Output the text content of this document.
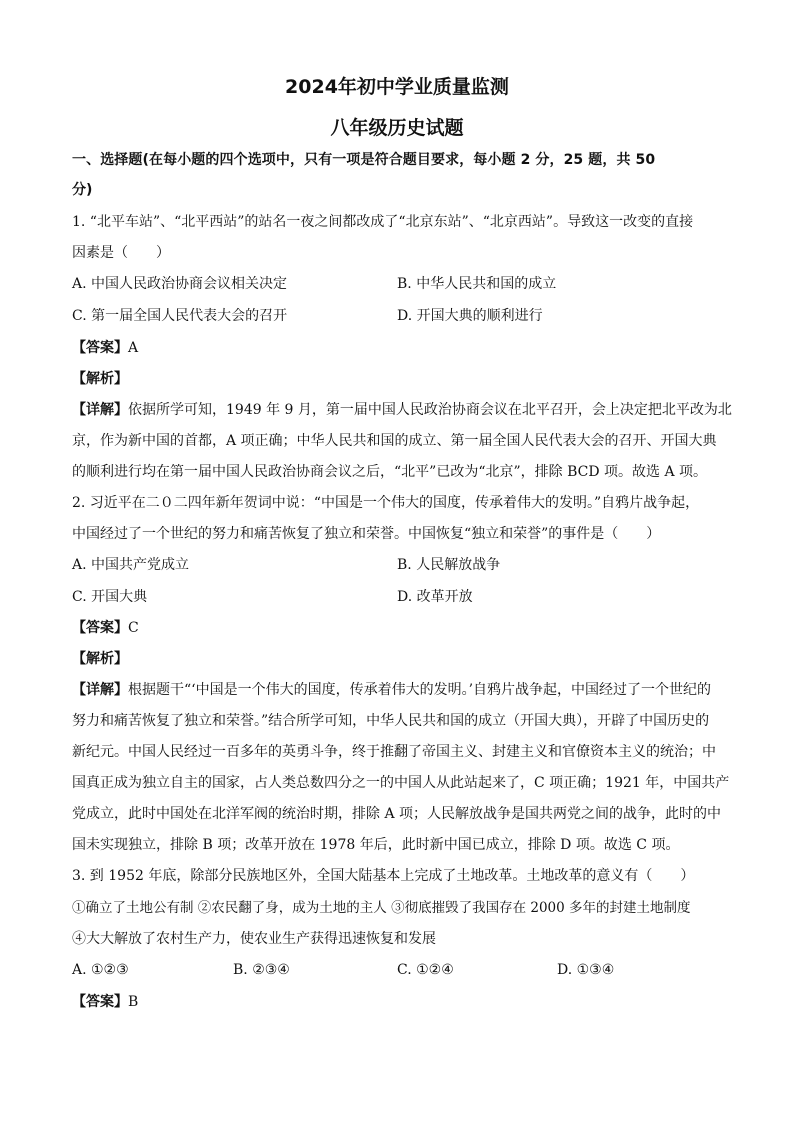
2024年初中学业质量监测
八年级历史试题
一、选择题(在每小题的四个选项中，只有一项是符合题目要求，每小题 2 分，25 题，共 50
分)
1. “北平车站”、“北平西站”的站名一夜之间都改成了“北京东站”、“北京西站”。导致这一改变的直接
因素是（　　）
A. 中国人民政治协商会议相关决定	B. 中华人民共和国的成立
C. 第一届全国人民代表大会的召开	D. 开国大典的顺利进行
【答案】A
【解析】
【详解】依据所学可知，1949 年 9 月，第一届中国人民政治协商会议在北平召开，会上决定把北平改为北
京，作为新中国的首都，A 项正确；中华人民共和国的成立、第一届全国人民代表大会的召开、开国大典
的顺利进行均在第一届中国人民政治协商会议之后，“北平”已改为“北京”，排除 BCD 项。故选 A 项。
2. 习近平在二０二四年新年贺词中说：“中国是一个伟大的国度，传承着伟大的发明。”自鸦片战争起，
中国经过了一个世纪的努力和痛苦恢复了独立和荣誉。中国恢复“独立和荣誉”的事件是（　　）
A. 中国共产党成立	B. 人民解放战争
C. 开国大典	D. 改革开放
【答案】C
【解析】
【详解】根据题干“‘中国是一个伟大的国度，传承着伟大的发明。’自鸦片战争起，中国经过了一个世纪的
努力和痛苦恢复了独立和荣誉。”结合所学可知，中华人民共和国的成立（开国大典），开辟了中国历史的
新纪元。中国人民经过一百多年的英勇斗争，终于推翻了帝国主义、封建主义和官僚资本主义的统治；中
国真正成为独立自主的国家，占人类总数四分之一的中国人从此站起来了，C 项正确；1921 年，中国共产
党成立，此时中国处在北洋军阀的统治时期，排除 A 项；人民解放战争是国共两党之间的战争，此时的中
国未实现独立，排除 B 项；改革开放在 1978 年后，此时新中国已成立，排除 D 项。故选 C 项。
3. 到 1952 年底，除部分民族地区外，全国大陆基本上完成了土地改革。土地改革的意义有（　　）
①确立了土地公有制 ②农民翻了身，成为土地的主人 ③彻底摧毁了我国存在 2000 多年的封建土地制度
④大大解放了农村生产力，使农业生产获得迅速恢复和发展
A. ①②③	B. ②③④	C. ①②④	D. ①③④
【答案】B
